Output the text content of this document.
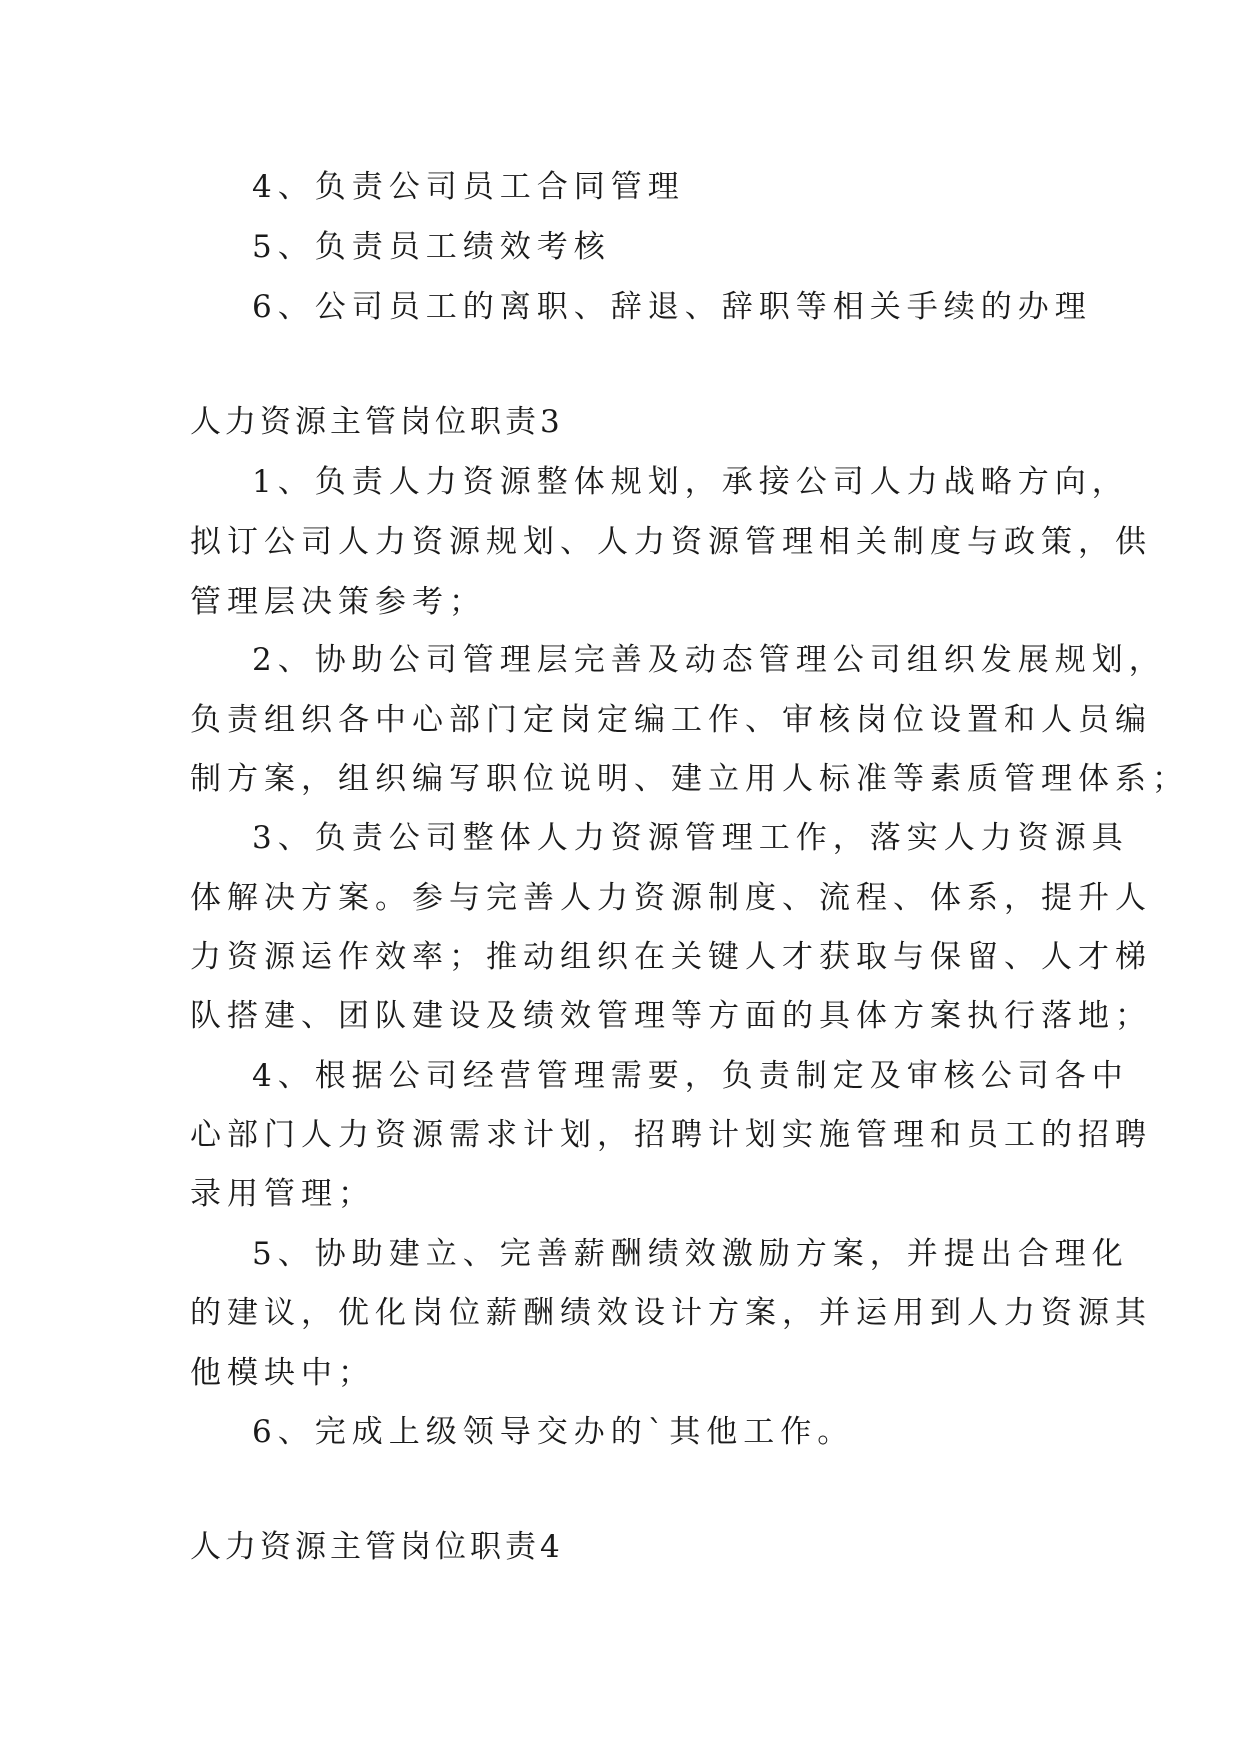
4、负责公司员工合同管理
5、负责员工绩效考核
6、公司员工的离职、辞退、辞职等相关手续的办理
人力资源主管岗位职责3
1、负责人力资源整体规划，承接公司人力战略方向，
拟订公司人力资源规划、人力资源管理相关制度与政策，供
管理层决策参考；
2、协助公司管理层完善及动态管理公司组织发展规划，
负责组织各中心部门定岗定编工作、审核岗位设置和人员编
制方案，组织编写职位说明、建立用人标准等素质管理体系；
3、负责公司整体人力资源管理工作，落实人力资源具
体解决方案。参与完善人力资源制度、流程、体系，提升人
力资源运作效率；推动组织在关键人才获取与保留、人才梯
队搭建、团队建设及绩效管理等方面的具体方案执行落地；
4、根据公司经营管理需要，负责制定及审核公司各中
心部门人力资源需求计划，招聘计划实施管理和员工的招聘
录用管理；
5、协助建立、完善薪酬绩效激励方案，并提出合理化
的建议，优化岗位薪酬绩效设计方案，并运用到人力资源其
他模块中；
6、完成上级领导交办的`其他工作。
人力资源主管岗位职责4
